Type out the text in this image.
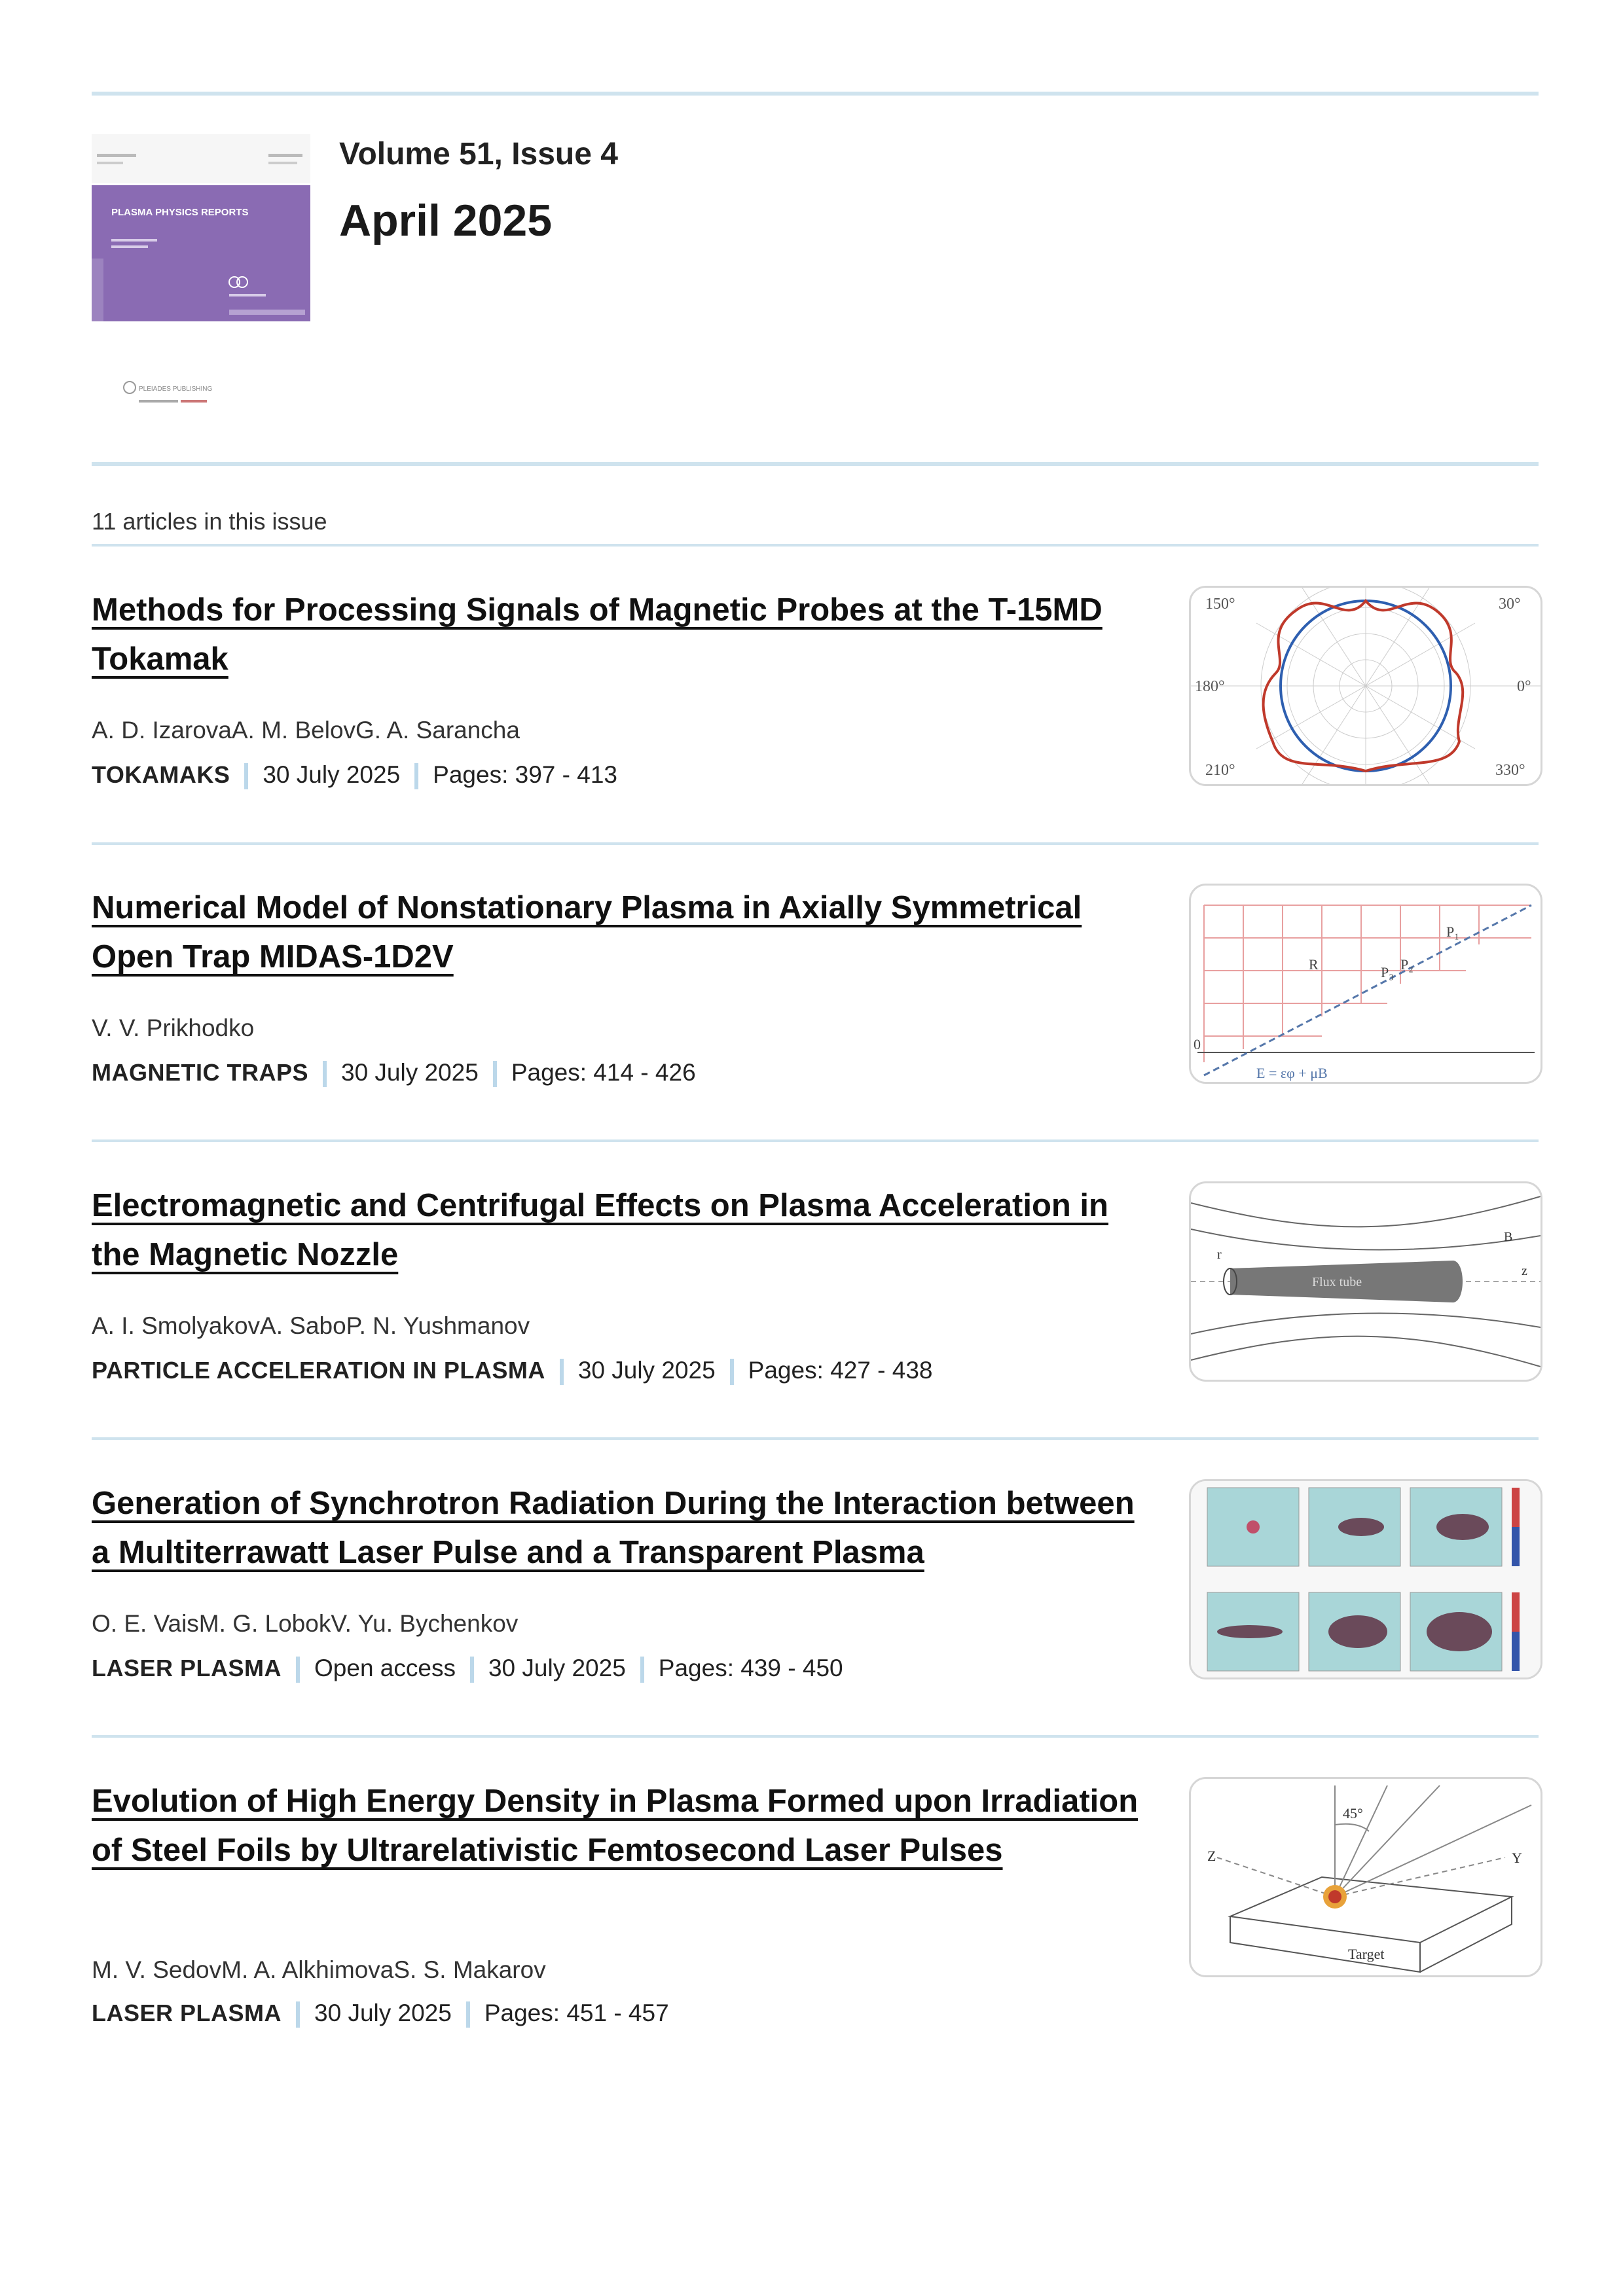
PLASMA PHYSICS REPORTS
PLEIADES PUBLISHING
Volume 51, Issue 4
April 2025
11 articles in this issue
Methods for Processing Signals of Magnetic Probes at the T-15MD Tokamak
A. D. IzarovaA. M. BelovG. A. Sarancha
TOKAMAKS 30 July 2025 Pages: 397 - 413
150°	30°
180°	0°
210°	330°
Numerical Model of Nonstationary Plasma in Axially Symmetrical Open Trap MIDAS-1D2V
V. V. Prikhodko
MAGNETIC TRAPS 30 July 2025 Pages: 414 - 426
P₁
P₂
P₃
R
0
E = εφ + μB
Electromagnetic and Centrifugal Effects on Plasma Acceleration in the Magnetic Nozzle
A. I. SmolyakovA. SaboP. N. Yushmanov
PARTICLE ACCELERATION IN PLASMA 30 July 2025 Pages: 427 - 438
Flux tube
B
r
z
Generation of Synchrotron Radiation During the Interaction between a Multiterrawatt Laser Pulse and a Transparent Plasma
O. E. VaisM. G. LobokV. Yu. Bychenkov
LASER PLASMA Open access 30 July 2025 Pages: 439 - 450
Evolution of High Energy Density in Plasma Formed upon Irradiation of Steel Foils by Ultrarelativistic Femtosecond Laser Pulses
M. V. SedovM. A. AlkhimovaS. S. Makarov
LASER PLASMA 30 July 2025 Pages: 451 - 457
45°
Z	Y
Target
